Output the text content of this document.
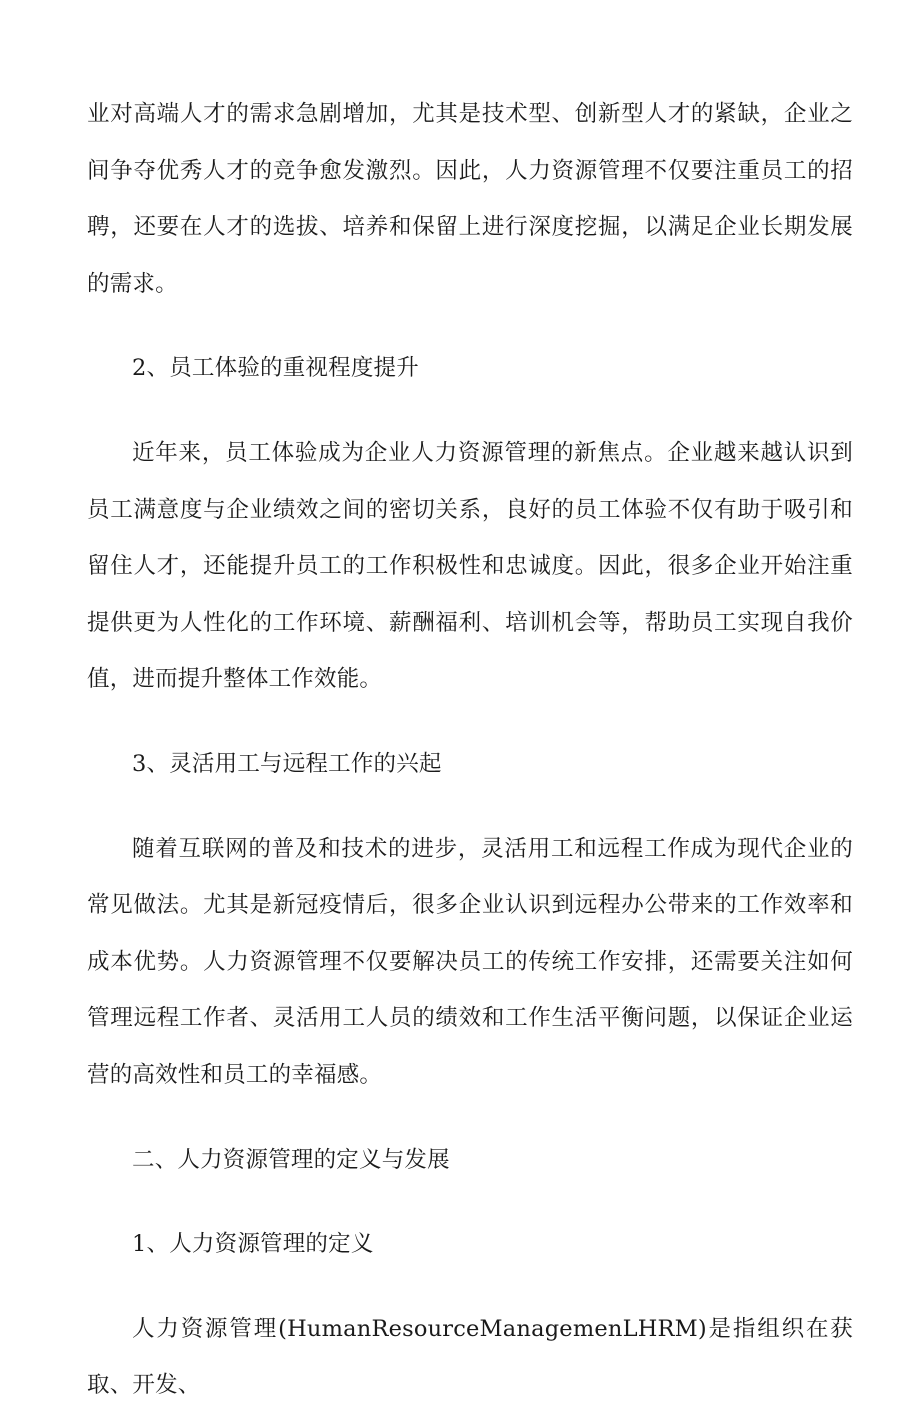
业对高端人才的需求急剧增加，尤其是技术型、创新型人才的紧缺，企业之间争夺优秀人才的竞争愈发激烈。因此，人力资源管理不仅要注重员工的招聘，还要在人才的选拔、培养和保留上进行深度挖掘，以满足企业长期发展的需求。

2、员工体验的重视程度提升

近年来，员工体验成为企业人力资源管理的新焦点。企业越来越认识到员工满意度与企业绩效之间的密切关系，良好的员工体验不仅有助于吸引和留住人才，还能提升员工的工作积极性和忠诚度。因此，很多企业开始注重提供更为人性化的工作环境、薪酬福利、培训机会等，帮助员工实现自我价值，进而提升整体工作效能。

3、灵活用工与远程工作的兴起

随着互联网的普及和技术的进步，灵活用工和远程工作成为现代企业的常见做法。尤其是新冠疫情后，很多企业认识到远程办公带来的工作效率和成本优势。人力资源管理不仅要解决员工的传统工作安排，还需要关注如何管理远程工作者、灵活用工人员的绩效和工作生活平衡问题，以保证企业运营的高效性和员工的幸福感。

二、人力资源管理的定义与发展

1、人力资源管理的定义

人力资源管理(HumanResourceManagemenLHRM)是指组织在获取、开发、
